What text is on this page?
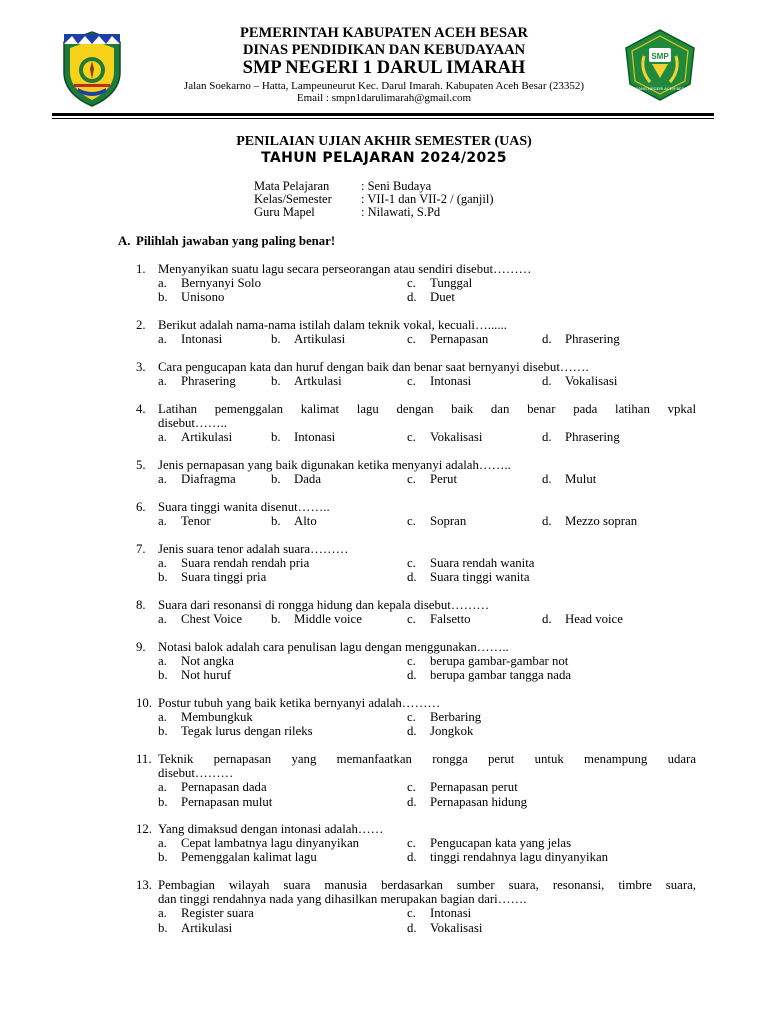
PEMERINTAH KABUPATEN ACEH BESAR
DINAS PENDIDIKAN DAN KEBUDAYAAN
SMP NEGERI 1 DARUL IMARAH
Jalan Soekarno – Hatta, Lampeuneurut Kec. Darul Imarah. Kabupaten Aceh Besar (23352)
Email : smpn1darulimarah@gmail.com
SMP
CABANG NEGERI ACEH BESAR
PENILAIAN UJIAN AKHIR SEMESTER (UAS)
TAHUN PELAJARAN 2024/2025
Mata Pelajaran	: Seni Budaya
Kelas/Semester : VII-1 dan VII-2 / (ganjil)
Guru Mapel	: Nilawati, S.Pd
A. Pilihlah jawaban yang paling benar!
1. Menyanyikan suatu lagu secara perseorangan atau sendiri disebut………
a. Bernyanyi Solo	c. Tunggal
b. Unisono	d. Duet
2. Berikut adalah nama-nama istilah dalam teknik vokal, kecuali…......
a. Intonasi	b. Artikulasi	c. Pernapasan	d. Phrasering
3. Cara pengucapan kata dan huruf dengan baik dan benar saat bernyanyi disebut…….
a. Phrasering	b. Artkulasi	c. Intonasi	d. Vokalisasi
4. Latihan pemenggalan kalimat lagu dengan baik dan benar pada latihan vpkal
disebut……..
a. Artikulasi	b. Intonasi	c. Vokalisasi	d. Phrasering
5. Jenis pernapasan yang baik digunakan ketika menyanyi adalah……..
a. Diafragma	b. Dada	c. Perut	d. Mulut
6. Suara tinggi wanita disenut……..
a. Tenor	b. Alto	c. Sopran	d. Mezzo sopran
7. Jenis suara tenor adalah suara………
a. Suara rendah rendah pria	c. Suara rendah wanita
b. Suara tinggi pria	d. Suara tinggi wanita
8. Suara dari resonansi di rongga hidung dan kepala disebut………
a. Chest Voice b. Middle voice	c. Falsetto	d. Head voice
9. Notasi balok adalah cara penulisan lagu dengan menggunakan……..
a. Not angka	c. berupa gambar-gambar not
b. Not huruf	d. berupa gambar tangga nada
10. Postur tubuh yang baik ketika bernyanyi adalah………
a. Membungkuk	c. Berbaring
b. Tegak lurus dengan rileks	d. Jongkok
11. Teknik pernapasan yang memanfaatkan rongga perut untuk menampung udara
disebut………
a. Pernapasan dada	c. Pernapasan perut
b. Pernapasan mulut	d. Pernapasan hidung
12. Yang dimaksud dengan intonasi adalah……
a. Cepat lambatnya lagu dinyanyikan	c. Pengucapan kata yang jelas
b. Pemenggalan kalimat lagu	d. tinggi rendahnya lagu dinyanyikan
13. Pembagian wilayah suara manusia berdasarkan sumber suara, resonansi, timbre suara,
dan tinggi rendahnya nada yang dihasilkan merupakan bagian dari…….
a. Register suara	c. Intonasi
b. Artikulasi	d. Vokalisasi
